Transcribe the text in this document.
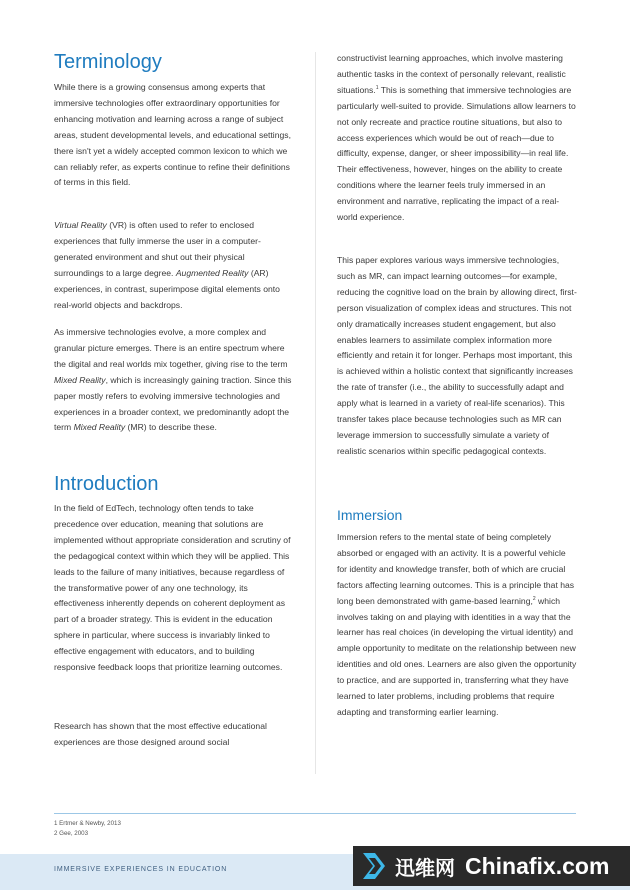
Terminology

While there is a growing consensus among experts that immersive technologies offer extraordinary opportunities for enhancing motivation and learning across a range of subject areas, student developmental levels, and educational settings, there isn't yet a widely accepted common lexicon to which we can reliably refer, as experts continue to refine their definitions of terms in this field.

Virtual Reality (VR) is often used to refer to enclosed experiences that fully immerse the user in a computer-generated environment and shut out their physical surroundings to a large degree. Augmented Reality (AR) experiences, in contrast, superimpose digital elements onto real-world objects and backdrops.

As immersive technologies evolve, a more complex and granular picture emerges. There is an entire spectrum where the digital and real worlds mix together, giving rise to the term Mixed Reality, which is increasingly gaining traction. Since this paper mostly refers to evolving immersive technologies and experiences in a broader context, we predominantly adopt the term Mixed Reality (MR) to describe these.

Introduction

In the field of EdTech, technology often tends to take precedence over education, meaning that solutions are implemented without appropriate consideration and scrutiny of the pedagogical context within which they will be applied. This leads to the failure of many initiatives, because regardless of the transformative power of any one technology, its effectiveness inherently depends on coherent deployment as part of a broader strategy. This is evident in the education sphere in particular, where success is invariably linked to effective engagement with educators, and to building responsive feedback loops that prioritize learning outcomes.

Research has shown that the most effective educational experiences are those designed around social

constructivist learning approaches, which involve mastering authentic tasks in the context of personally relevant, realistic situations.$^1$ This is something that immersive technologies are particularly well-suited to provide. Simulations allow learners to not only recreate and practice routine situations, but also to access experiences which would be out of reach—due to difficulty, expense, danger, or sheer impossibility—in real life. Their effectiveness, however, hinges on the ability to create conditions where the learner feels truly immersed in an environment and narrative, replicating the impact of a real-world experience.

This paper explores various ways immersive technologies, such as MR, can impact learning outcomes—for example, reducing the cognitive load on the brain by allowing direct, first-person visualization of complex ideas and structures. This not only dramatically increases student engagement, but also enables learners to assimilate complex information more efficiently and retain it for longer. Perhaps most important, this is achieved within a holistic context that significantly increases the rate of transfer (i.e., the ability to successfully adapt and apply what is learned in a variety of real-life scenarios). This transfer takes place because technologies such as MR can leverage immersion to successfully simulate a variety of realistic scenarios within specific pedagogical contexts.

Immersion

Immersion refers to the mental state of being completely absorbed or engaged with an activity. It is a powerful vehicle for identity and knowledge transfer, both of which are crucial factors affecting learning outcomes. This is a principle that has long been demonstrated with game-based learning,$^2$ which involves taking on and playing with identities in a way that the learner has real choices (in developing the virtual identity) and ample opportunity to meditate on the relationship between new identities and old ones. Learners are also given the opportunity to practice, and are supported in, transferring what they have learned to later problems, including problems that require adapting and transforming earlier learning.

1 Ertmer & Newby, 2013
2 Gee, 2003
IMMERSIVE EXPERIENCES IN EDUCATION	迅维网 Chinafix.com
